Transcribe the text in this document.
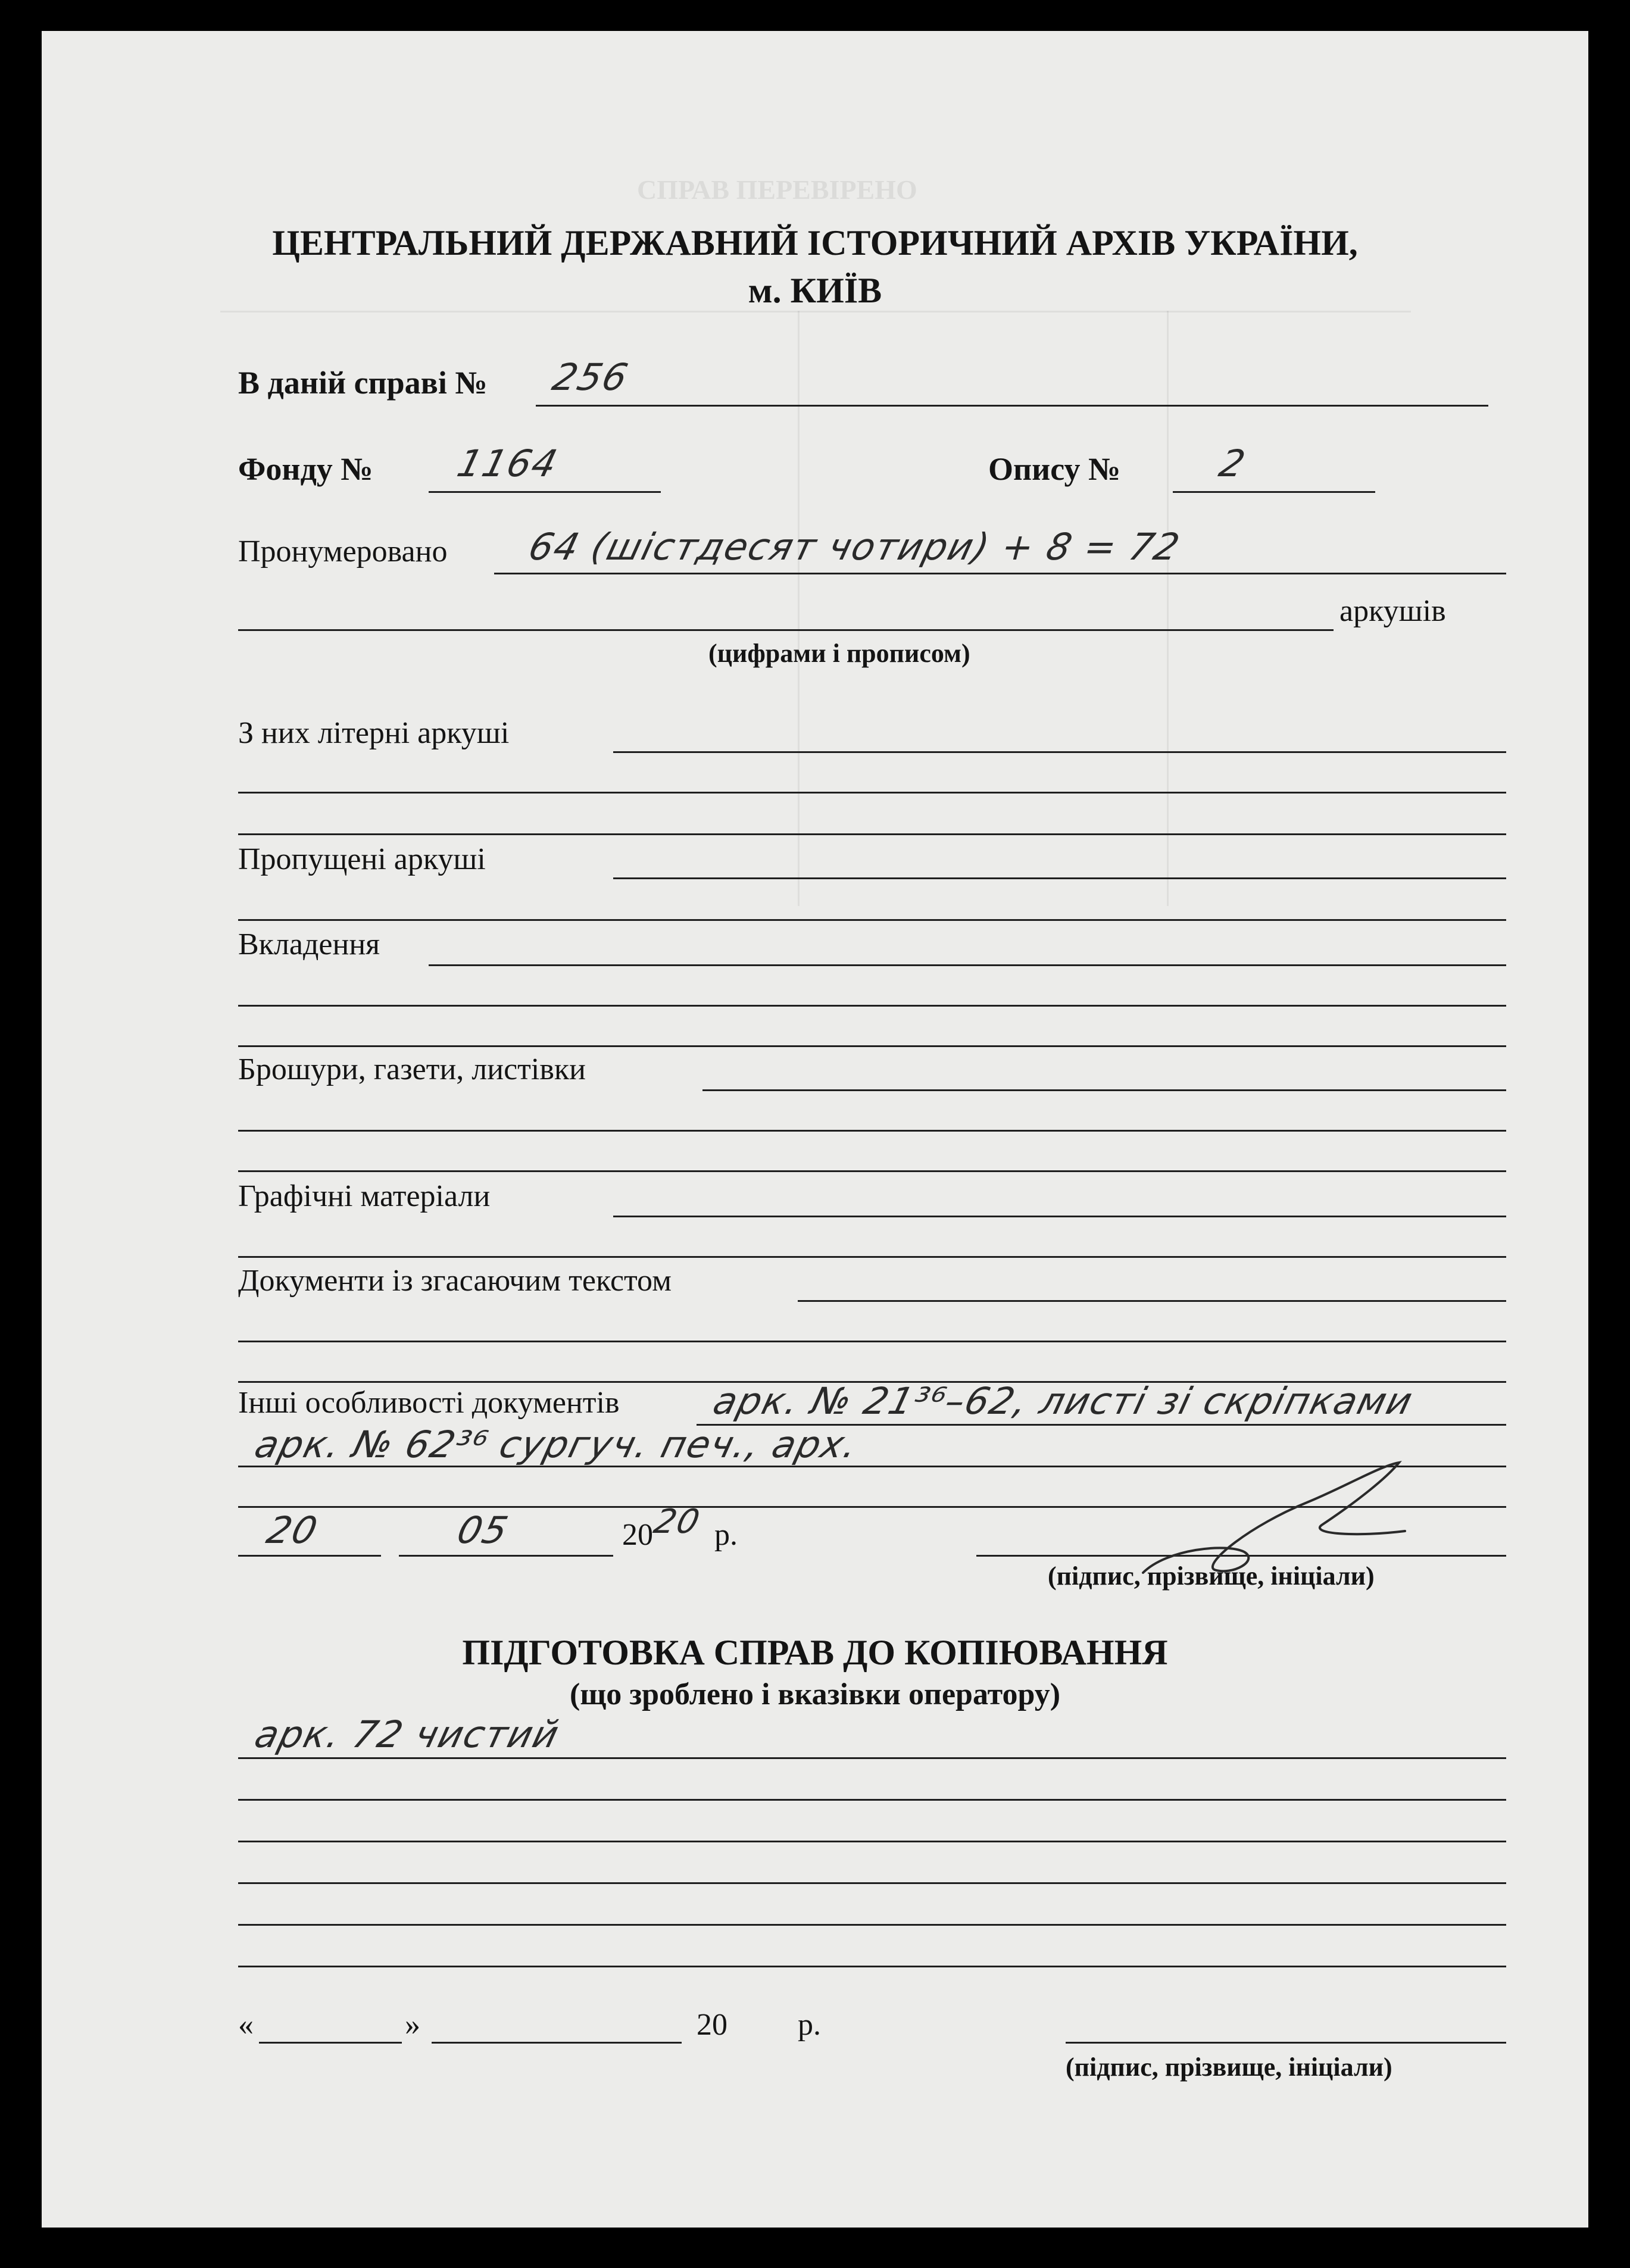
СПРАВ ПЕРЕВІРЕНО
ЦЕНТРАЛЬНИЙ ДЕРЖАВНИЙ ІСТОРИЧНИЙ АРХІВ УКРАЇНИ,
м. КИЇВ
В даній справі № 256
Фонду № 1164	Опису №	2
Пронумеровано 64 (шістдесят чотири) + 8 = 72
аркушів
(цифрами і прописом)
З них літерні аркуші
Пропущені аркуші
Вкладення
Брошури, газети, листівки
Графічні матеріали
Документи із згасаючим текстом
Інші особливості документів арк. № 21³⁶–62, листі зі скріпками
арк. № 62³⁶ сургуч. печ., арх.
20	05	20
20 р.
(підпис, прізвище, ініціали)
ПІДГОТОВКА СПРАВ ДО КОПІЮВАННЯ
(що зроблено і вказівки оператору)
арк. 72 чистий
«	»	20 р.
(підпис, прізвище, ініціали)
